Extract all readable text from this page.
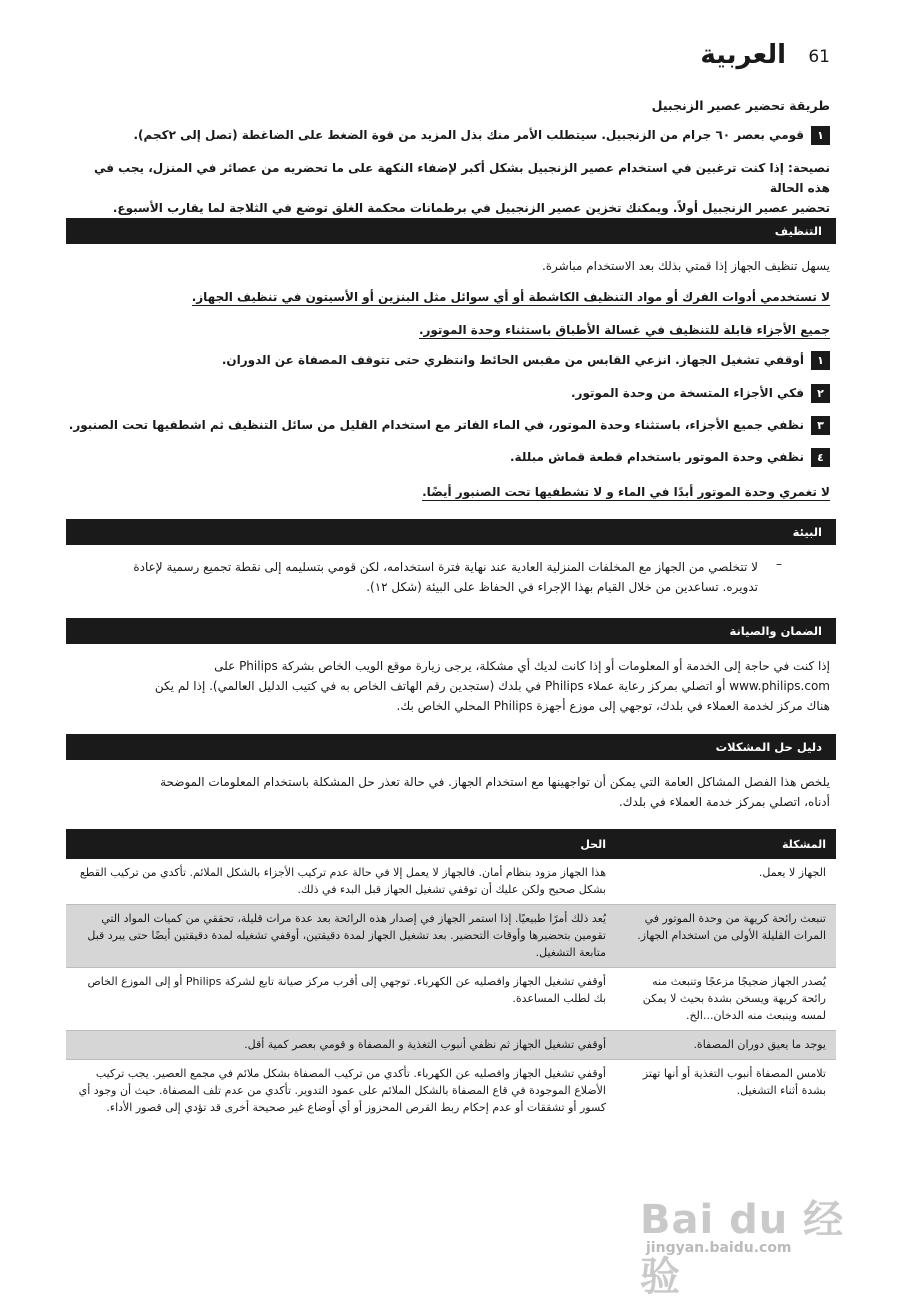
العربية 61
طريقة تحضير عصير الزنجبيل
١
قومي بعصر ٦٠ جرام من الزنجبيل. سيتطلب الأمر منك بذل المزيد من قوة الضغط على الضاغطة (تصل إلى ٢كجم).
نصيحة: إذا كنت ترغبين في استخدام عصير الزنجبيل بشكل أكبر لإضفاء النكهة على ما تحضريه من عصائر في المنزل، يجب في هذه الحالة
تحضير عصير الزنجبيل أولاً. ويمكنك تخزين عصير الزنجبيل في برطمانات محكمة الغلق توضع في الثلاجة لما يقارب الأسبوع.
التنظيف
يسهل تنظيف الجهاز إذا قمتي بذلك بعد الاستخدام مباشرة.
لا تستخدمي أدوات الفرك أو مواد التنظيف الكاشطة أو أي سوائل مثل البنزين أو الأسيتون في تنظيف الجهاز.
جميع الأجزاء قابلة للتنظيف في غسالة الأطباق باستثناء وحدة الموتور.
١
أوقفي تشغيل الجهاز. انزعي القابس من مقبس الحائط وانتظري حتى تتوقف المصفاة عن الدوران.
٢
فكي الأجزاء المتسخة من وحدة الموتور.
٣
نظفي جميع الأجزاء، باستثناء وحدة الموتور، في الماء الفاتر مع استخدام القليل من سائل التنظيف ثم اشطفيها تحت الصنبور.
٤
نظفي وحدة الموتور باستخدام قطعة قماش مبللة.
لا تغمري وحدة الموتور أبدًا في الماء و لا تشطفيها تحت الصنبور أيضًا.
البيئة
–
لا تتخلصي من الجهاز مع المخلفات المنزلية العادية عند نهاية فترة استخدامه، لكن قومي بتسليمه إلى نقطة تجميع رسمية لإعادة
تدويره. تساعدين من خلال القيام بهذا الإجراء في الحفاظ على البيئة (شكل ١٢).
الضمان والصيانة
إذا كنت في حاجة إلى الخدمة أو المعلومات أو إذا كانت لديك أي مشكلة، يرجى زيارة موقع الويب الخاص بشركة Philips على
www.philips.com أو اتصلي بمركز رعاية عملاء Philips في بلدك (ستجدين رقم الهاتف الخاص به في كتيب الدليل العالمي). إذا لم يكن
هناك مركز لخدمة العملاء في بلدك، توجهي إلى موزع أجهزة Philips المحلي الخاص بك.
دليل حل المشكلات
يلخص هذا الفصل المشاكل العامة التي يمكن أن تواجهينها مع استخدام الجهاز. في حالة تعذر حل المشكلة باستخدام المعلومات الموضحة
أدناه، اتصلي بمركز خدمة العملاء في بلدك.
المشكلة	الحل
الجهاز لا يعمل.	هذا الجهاز مزود بنظام أمان. فالجهاز لا يعمل إلا في حالة عدم تركيب الأجزاء بالشكل الملائم. تأكدي من تركيب القطع بشكل صحيح ولكن عليك أن توقفي تشغيل الجهاز قبل البدء في ذلك.
تنبعث رائحة كريهة من وحدة الموتور في المرات القليلة الأولى من استخدام الجهاز.	يُعد ذلك أمرًا طبيعيًا. إذا استمر الجهاز في إصدار هذه الرائحة بعد عدة مرات قليلة، تحققي من كميات المواد التي تقومين بتحضيرها وأوقات التحضير. بعد تشغيل الجهاز لمدة دقيقتين، أوقفي تشغيله لمدة دقيقتين أيضًا حتى يبرد قبل متابعة التشغيل.
يُصدر الجهاز ضجيجًا مزعجًا وتنبعث منه رائحة كريهة ويسخن بشدة بحيث لا يمكن لمسه وينبعث منه الدخان...الخ.	أوقفي تشغيل الجهاز وافصليه عن الكهرباء. توجهي إلى أقرب مركز صيانة تابع لشركة Philips أو إلى الموزع الخاص بك لطلب المساعدة.
يوجد ما يعيق دوران المصفاة.	أوقفي تشغيل الجهاز ثم نظفي أنبوب التغذية و المصفاة و قومي بعصر كمية أقل.
تلامس المصفاة أنبوب التغذية أو أنها تهتز بشدة أثناء التشغيل.	أوقفي تشغيل الجهاز وافصليه عن الكهرباء. تأكدي من تركيب المصفاة بشكل ملائم في مجمع العصير. يجب تركيب الأضلاع الموجودة في قاع المصفاة بالشكل الملائم على عمود التدوير. تأكدي من عدم تلف المصفاة. حيث أن وجود أي كسور أو تشققات أو عدم إحكام ربط القرص المحزوز أو أي أوضاع غير صحيحة أخرى قد تؤدي إلى قصور الأداء.
Bai du 经验
jingyan.baidu.com
